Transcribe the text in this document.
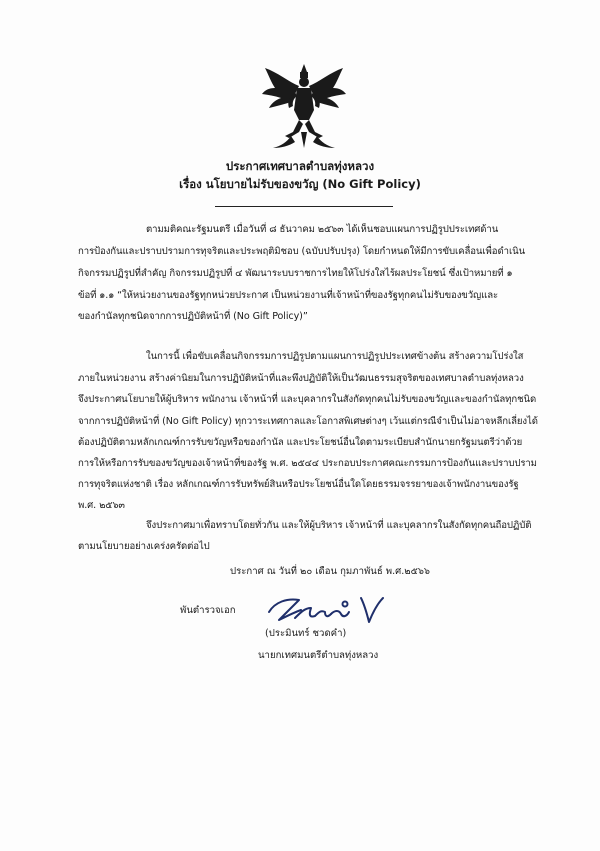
ประกาศเทศบาลตำบลทุ่งหลวง
เรื่อง นโยบายไม่รับของขวัญ (No Gift Policy)
ตามมติคณะรัฐมนตรี เมื่อวันที่ ๘ ธันวาคม ๒๕๖๓ ได้เห็นชอบแผนการปฏิรูปประเทศด้าน
การป้องกันและปราบปรามการทุจริตและประพฤติมิชอบ (ฉบับปรับปรุง) โดยกำหนดให้มีการขับเคลื่อนเพื่อดำเนิน
กิจกรรมปฏิรูปที่สำคัญ กิจกรรมปฏิรูปที่ ๔ พัฒนาระบบราชการไทยให้โปร่งใสไร้ผลประโยชน์ ซึ่งเป้าหมายที่ ๑
ข้อที่ ๑.๑ “ให้หน่วยงานของรัฐทุกหน่วยประกาศ เป็นหน่วยงานที่เจ้าหน้าที่ของรัฐทุกคนไม่รับของขวัญและ
ของกำนัลทุกชนิดจากการปฏิบัติหน้าที่ (No Gift Policy)”
ในการนี้ เพื่อขับเคลื่อนกิจกรรมการปฏิรูปตามแผนการปฏิรูปประเทศข้างต้น สร้างความโปร่งใส
ภายในหน่วยงาน สร้างค่านิยมในการปฏิบัติหน้าที่และพึงปฏิบัติให้เป็นวัฒนธรรมสุจริตของเทศบาลตำบลทุ่งหลวง
จึงประกาศนโยบายให้ผู้บริหาร พนักงาน เจ้าหน้าที่ และบุคลากรในสังกัดทุกคนไม่รับของขวัญและของกำนัลทุกชนิด
จากการปฏิบัติหน้าที่ (No Gift Policy) ทุกวาระเทศกาลและโอกาสพิเศษต่างๆ เว้นแต่กรณีจำเป็นไม่อาจหลีกเลี่ยงได้
ต้องปฏิบัติตามหลักเกณฑ์การรับขวัญหรือของกำนัล และประโยชน์อื่นใดตามระเบียบสำนักนายกรัฐมนตรีว่าด้วย
การให้หรือการรับของขวัญของเจ้าหน้าที่ของรัฐ พ.ศ. ๒๕๔๔ ประกอบประกาศคณะกรรมการป้องกันและปราบปราม
การทุจริตแห่งชาติ เรื่อง หลักเกณฑ์การรับทรัพย์สินหรือประโยชน์อื่นใดโดยธรรมจรรยาของเจ้าพนักงานของรัฐ
พ.ศ. ๒๕๖๓
จึงประกาศมาเพื่อทราบโดยทั่วกัน และให้ผู้บริหาร เจ้าหน้าที่ และบุคลากรในสังกัดทุกคนถือปฏิบัติ
ตามนโยบายอย่างเคร่งครัดต่อไป
ประกาศ ณ วันที่ ๒๐ เดือน กุมภาพันธ์ พ.ศ.๒๕๖๖
พันตำรวจเอก
(ประมินทร์ ชวดคำ)
นายกเทศมนตรีตำบลทุ่งหลวง
